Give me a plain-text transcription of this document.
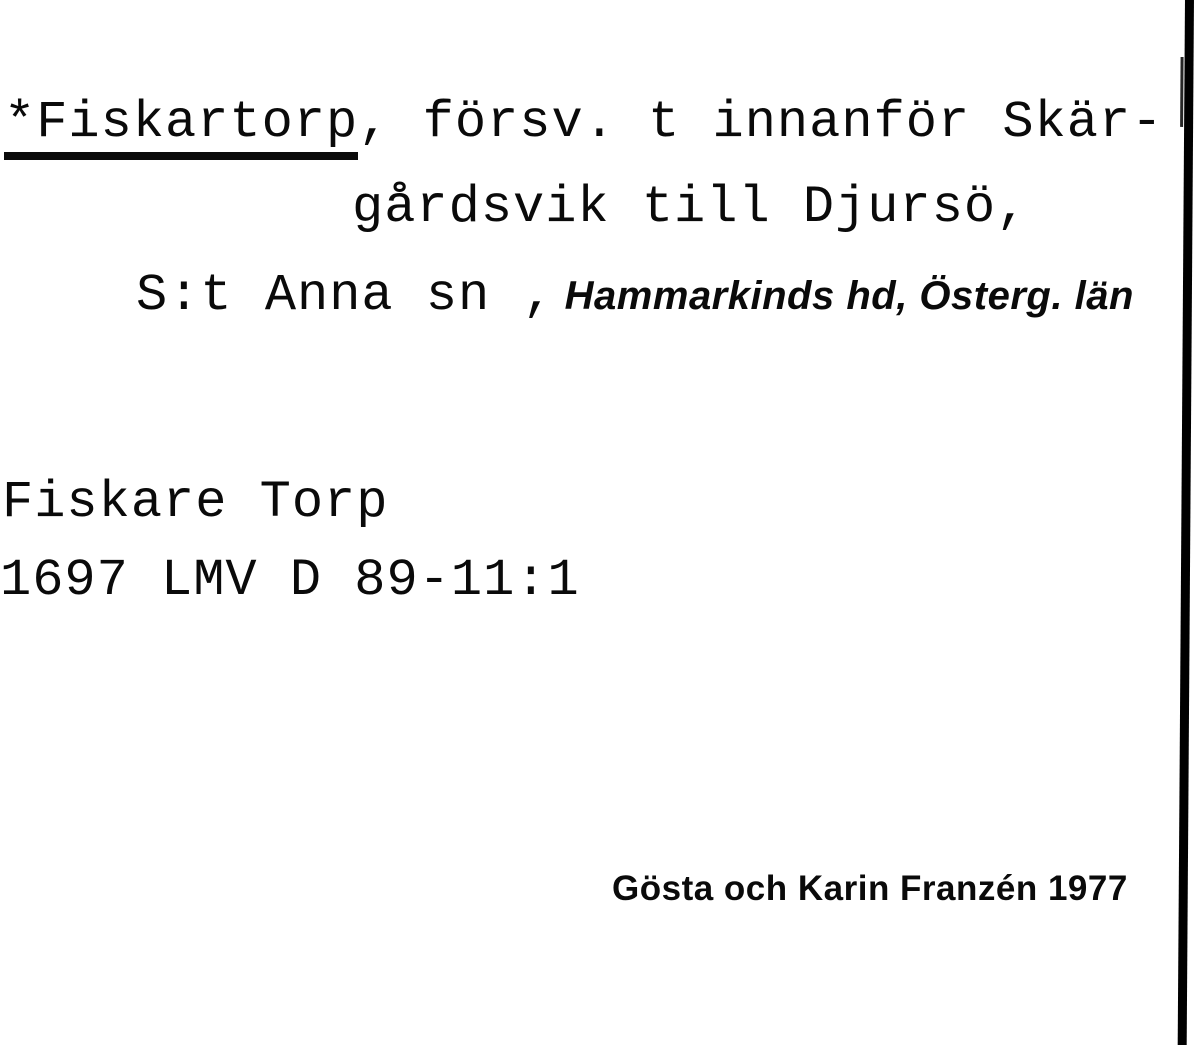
*Fiskartorp, försv. t innanför Skär-
gårdsvik till Djursö,
S:t Anna sn , Hammarkinds hd, Österg. län
Fiskare Torp
1697 LMV D 89-11:1
Gösta och Karin Franzén 1977
